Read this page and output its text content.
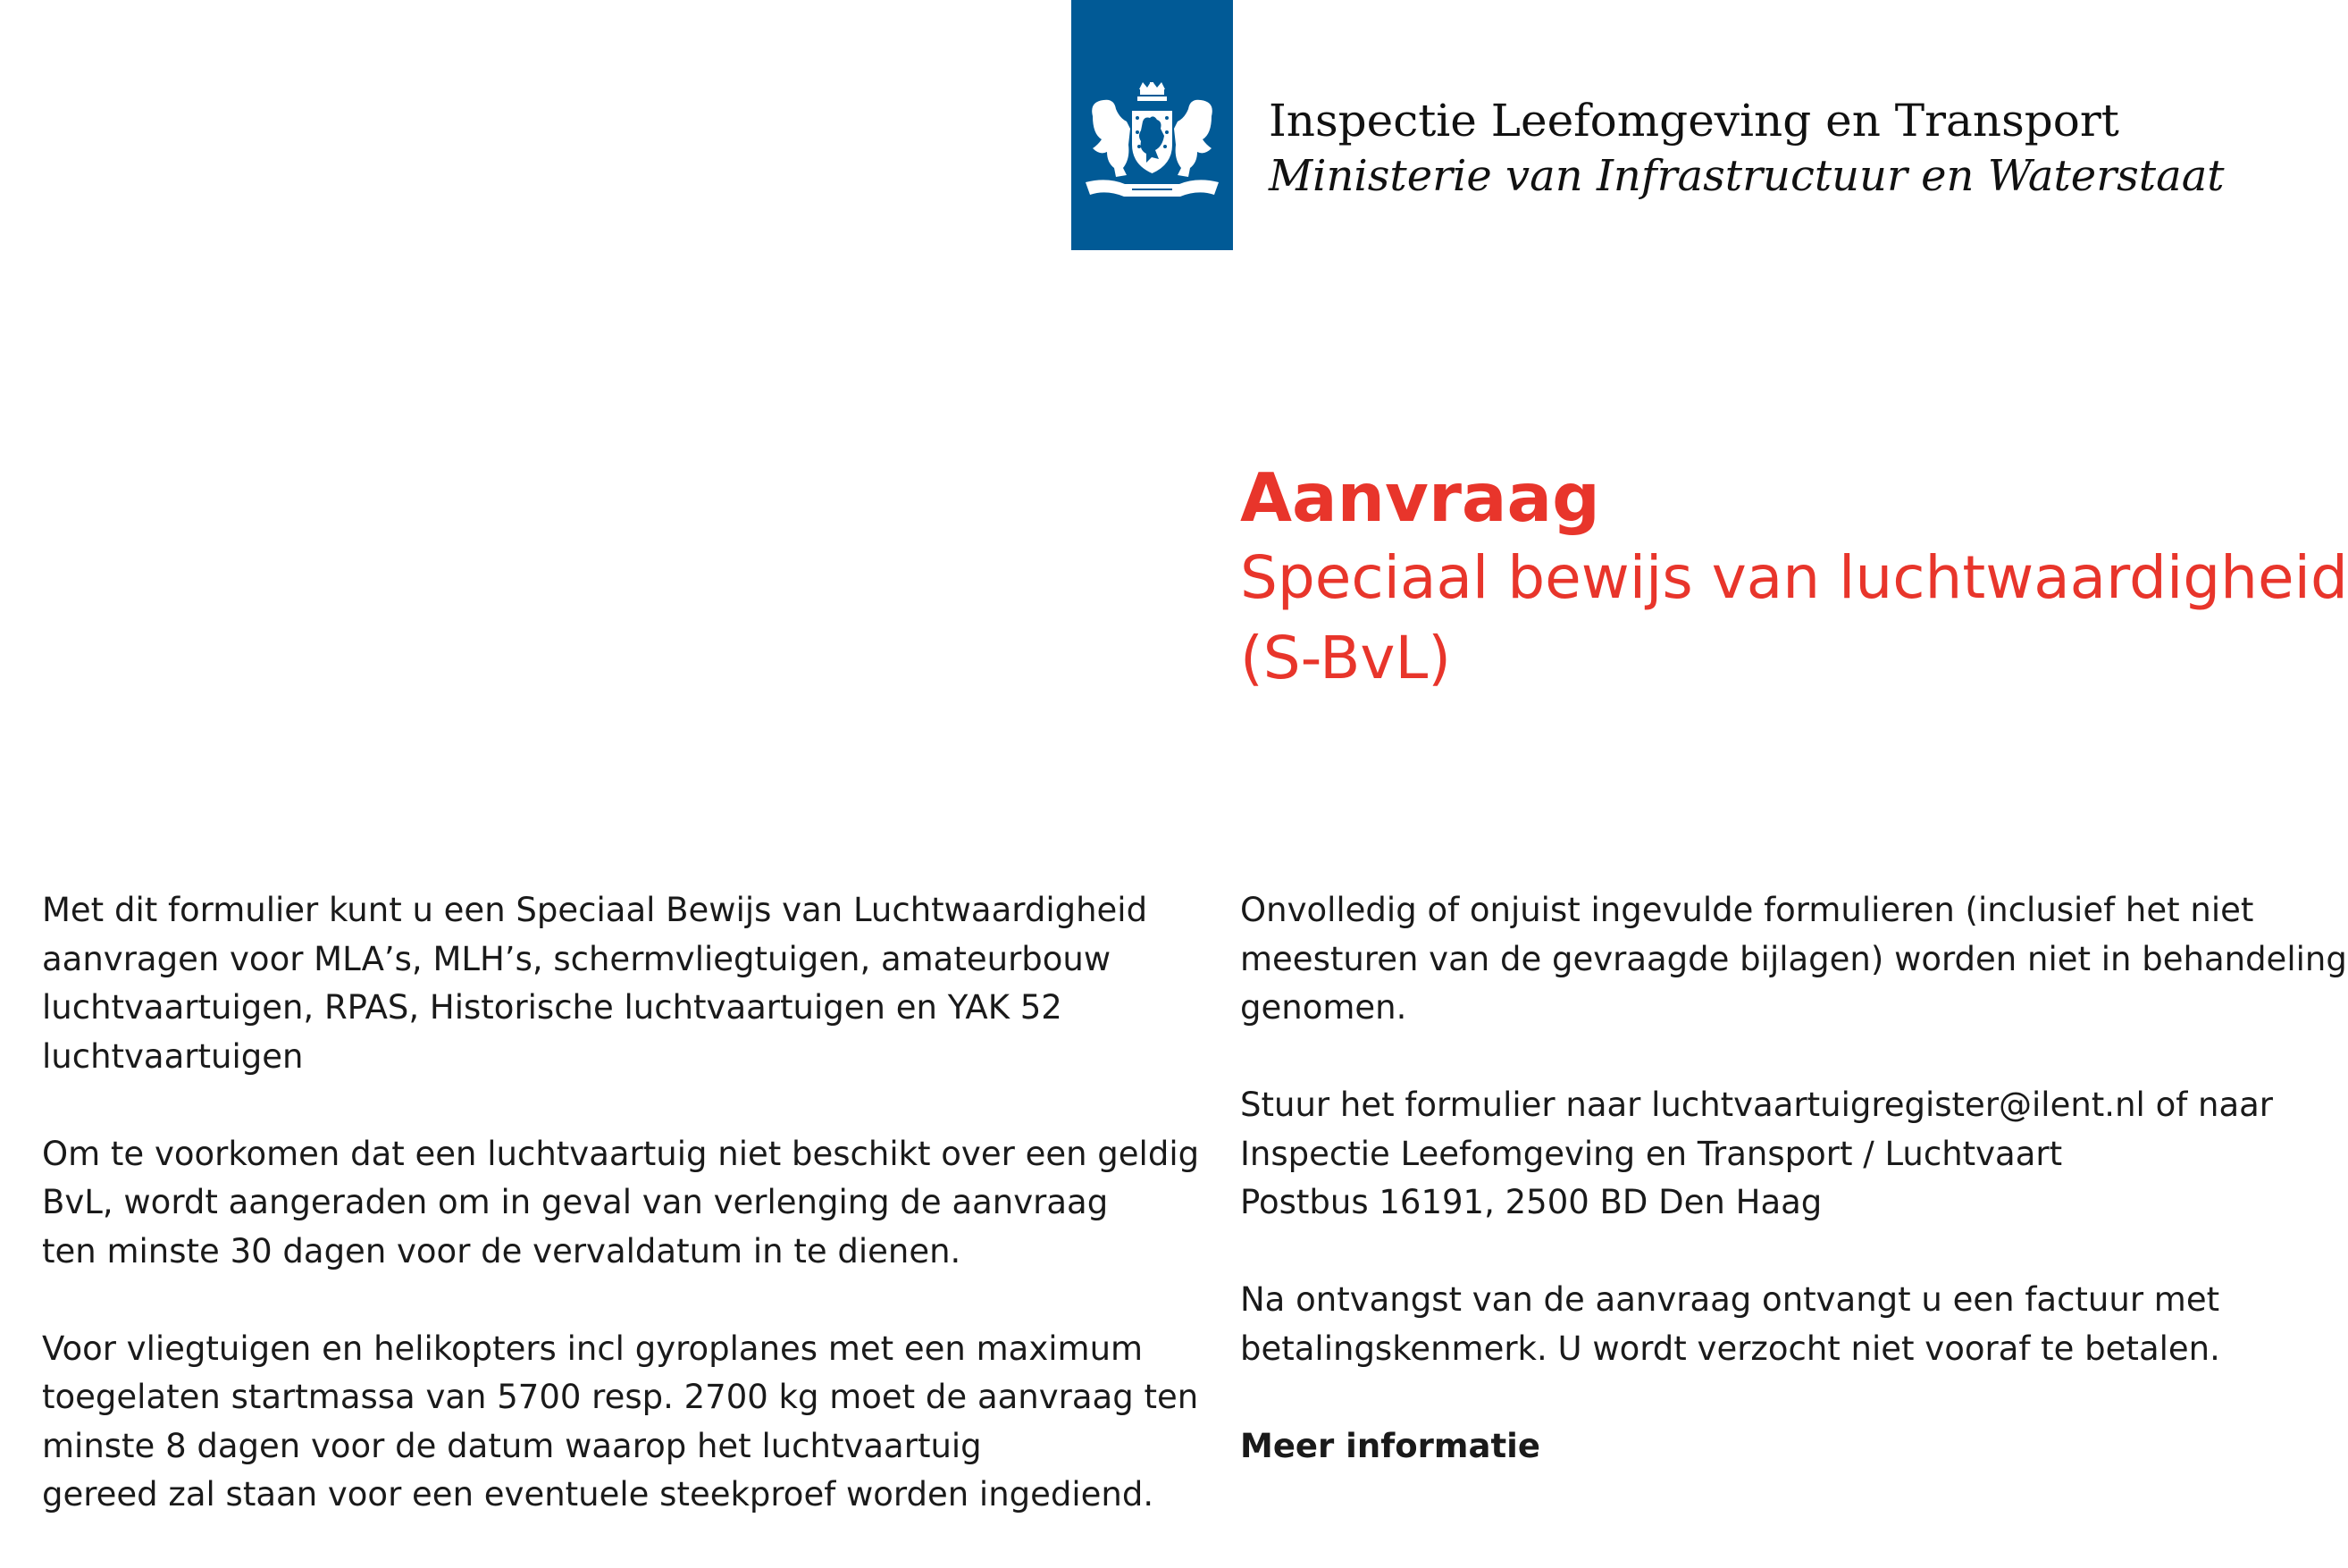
Inspectie Leefomgeving en Transport
Ministerie van Infrastructuur en Waterstaat
Aanvraag
Speciaal bewijs van luchtwaardigheid
(S-BvL)

Met dit formulier kunt u een Speciaal Bewijs van Luchtwaardigheid
aanvragen voor MLA’s, MLH’s, schermvliegtuigen, amateurbouw
luchtvaartuigen, RPAS, Historische luchtvaartuigen en YAK 52
luchtvaartuigen

Om te voorkomen dat een luchtvaartuig niet beschikt over een geldig
BvL, wordt aangeraden om in geval van verlenging de aanvraag
ten minste 30 dagen voor de vervaldatum in te dienen.

Voor vliegtuigen en helikopters incl gyroplanes met een maximum
toegelaten startmassa van 5700 resp. 2700 kg moet de aanvraag ten
minste 8 dagen voor de datum waarop het luchtvaartuig
gereed zal staan voor een eventuele steekproef worden ingediend.

Onvolledig of onjuist ingevulde formulieren (inclusief het niet
meesturen van de gevraagde bijlagen) worden niet in behandeling
genomen.

Stuur het formulier naar luchtvaartuigregister@ilent.nl of naar
Inspectie Leefomgeving en Transport / Luchtvaart
Postbus 16191, 2500 BD Den Haag

Na ontvangst van de aanvraag ontvangt u een factuur met
betalingskenmerk. U wordt verzocht niet vooraf te betalen.

Meer informatie
